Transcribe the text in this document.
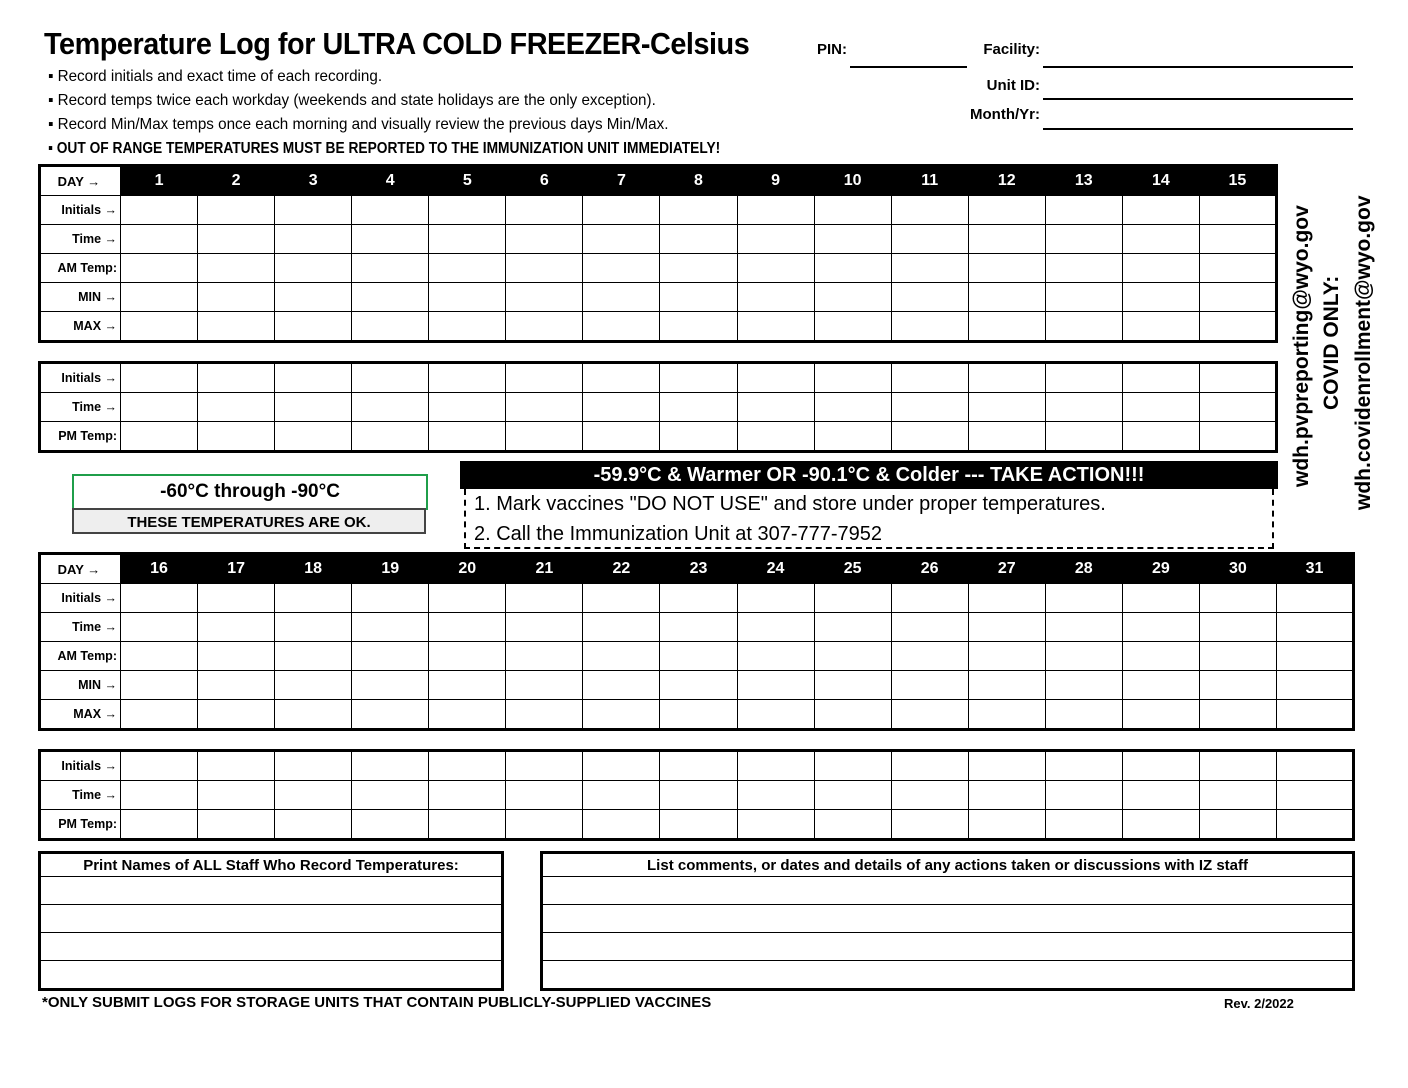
Temperature Log for ULTRA COLD FREEZER-Celsius
▪ Record initials and exact time of each recording.
▪ Record temps twice each workday (weekends and state holidays are the only exception).
▪ Record Min/Max temps once each morning and visually review the previous days Min/Max.
▪ OUT OF RANGE TEMPERATURES MUST BE REPORTED TO THE IMMUNIZATION UNIT IMMEDIATELY!
PIN:	Facility:
Unit ID:
Month/Yr:
DAY →	1	2	3	4	5	6	7	8	9	10	11	12	13	14	15
Initials →															
Time →															
AM Temp:															
MIN →															
MAX →															
Initials →															
Time →															
PM Temp:															
DAY →	16	17	18	19	20	21	22	23	24	25	26	27	28	29	30	31
Initials →																
Time →																
AM Temp:																
MIN →																
MAX →																
Initials →																
Time →																
PM Temp:																
-60°C through -90°C
THESE TEMPERATURES ARE OK.
-59.9°C & Warmer OR -90.1°C & Colder --- TAKE ACTION!!!
1. Mark vaccines "DO NOT USE" and store under proper temperatures.
2. Call the Immunization Unit at 307-777-7952
wdh.pvpreporting@wyo.gov COVID ONLY: wdh.covidenrollment@wyo.gov
Print Names of ALL Staff Who Record Temperatures:	List comments, or dates and details of any actions taken or discussions with IZ staff

*ONLY SUBMIT LOGS FOR STORAGE UNITS THAT CONTAIN PUBLICLY-SUPPLIED VACCINES	Rev. 2/2022
